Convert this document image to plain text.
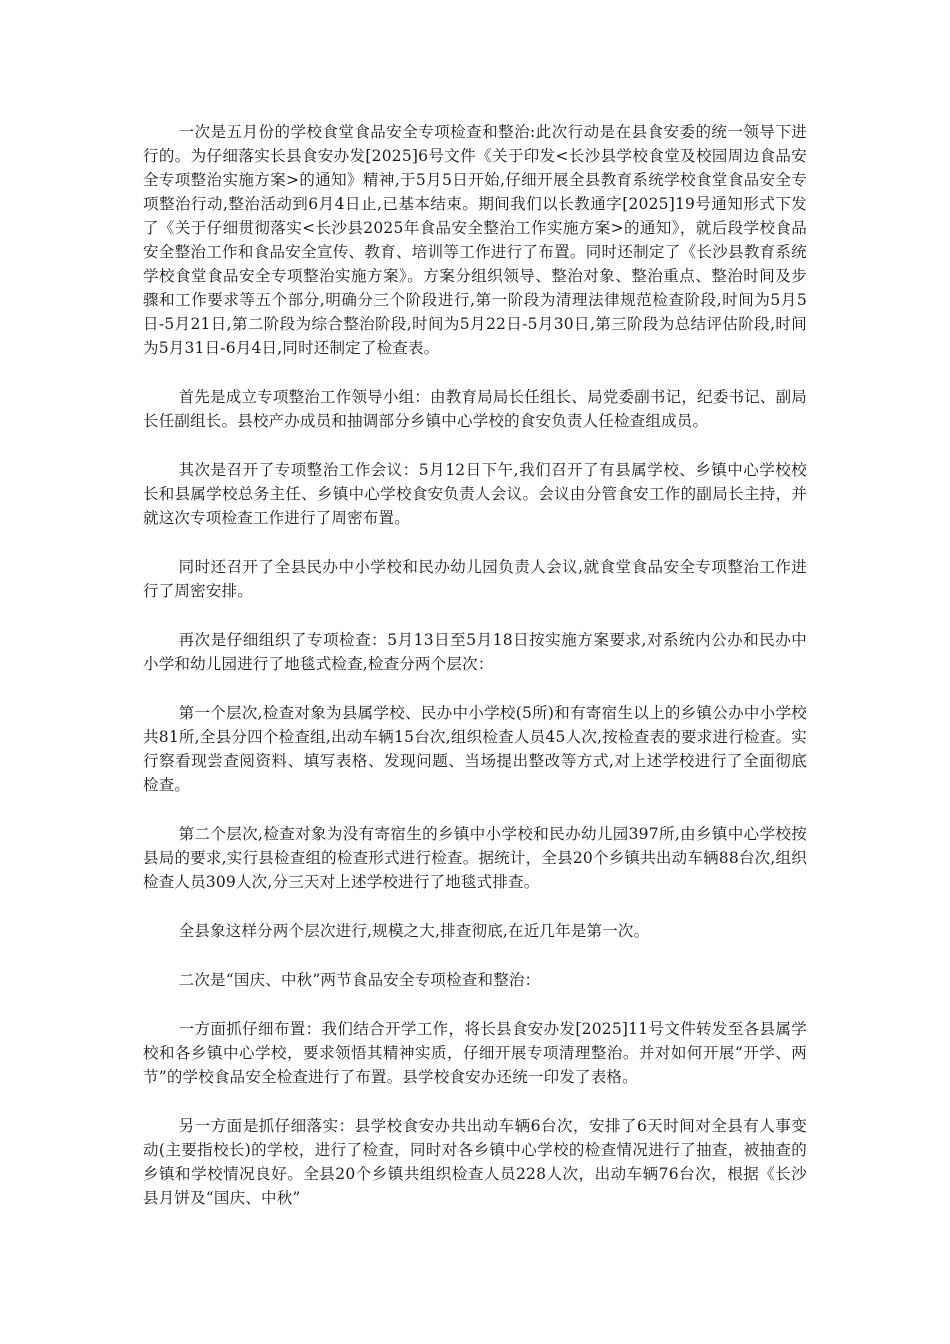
一次是五月份的学校食堂食品安全专项检查和整治:此次行动是在县食安委的统一领导下进行的。为仔细落实长县食安办发[2025]6号文件《关于印发<长沙县学校食堂及校园周边食品安全专项整治实施方案>的通知》精神,于5月5日开始,仔细开展全县教育系统学校食堂食品安全专项整治行动,整治活动到6月4日止,已基本结束。期间我们以长教通字[2025]19号通知形式下发了《关于仔细贯彻落实<长沙县2025年食品安全整治工作实施方案>的通知》，就后段学校食品安全整治工作和食品安全宣传、教育、培训等工作进行了布置。同时还制定了《长沙县教育系统学校食堂食品安全专项整治实施方案》。方案分组织领导、整治对象、整治重点、整治时间及步骤和工作要求等五个部分,明确分三个阶段进行,第一阶段为清理法律规范检查阶段,时间为5月5日-5月21日,第二阶段为综合整治阶段,时间为5月22日-5月30日,第三阶段为总结评估阶段,时间为5月31日-6月4日,同时还制定了检查表。

首先是成立专项整治工作领导小组：由教育局局长任组长、局党委副书记，纪委书记、副局长任副组长。县校产办成员和抽调部分乡镇中心学校的食安负责人任检查组成员。

其次是召开了专项整治工作会议：5月12日下午,我们召开了有县属学校、乡镇中心学校校长和县属学校总务主任、乡镇中心学校食安负责人会议。会议由分管食安工作的副局长主持，并就这次专项检查工作进行了周密布置。

同时还召开了全县民办中小学校和民办幼儿园负责人会议,就食堂食品安全专项整治工作进行了周密安排。

再次是仔细组织了专项检查：5月13日至5月18日按实施方案要求,对系统内公办和民办中小学和幼儿园进行了地毯式检查,检查分两个层次：

第一个层次,检查对象为县属学校、民办中小学校(5所)和有寄宿生以上的乡镇公办中小学校共81所,全县分四个检查组,出动车辆15台次,组织检查人员45人次,按检查表的要求进行检查。实行察看现尝查阅资料、填写表格、发现问题、当场提出整改等方式,对上述学校进行了全面彻底检查。

第二个层次,检查对象为没有寄宿生的乡镇中小学校和民办幼儿园397所,由乡镇中心学校按县局的要求,实行县检查组的检查形式进行检查。据统计，全县20个乡镇共出动车辆88台次,组织检查人员309人次,分三天对上述学校进行了地毯式排查。

全县象这样分两个层次进行,规模之大,排查彻底,在近几年是第一次。

二次是“国庆、中秋”两节食品安全专项检查和整治：

一方面抓仔细布置：我们结合开学工作，将长县食安办发[2025]11号文件转发至各县属学校和各乡镇中心学校，要求领悟其精神实质，仔细开展专项清理整治。并对如何开展“开学、两节”的学校食品安全检查进行了布置。县学校食安办还统一印发了表格。

另一方面是抓仔细落实：县学校食安办共出动车辆6台次，安排了6天时间对全县有人事变动(主要指校长)的学校，进行了检查，同时对各乡镇中心学校的检查情况进行了抽查，被抽查的乡镇和学校情况良好。全县20个乡镇共组织检查人员228人次，出动车辆76台次，根据《长沙县月饼及“国庆、中秋”
